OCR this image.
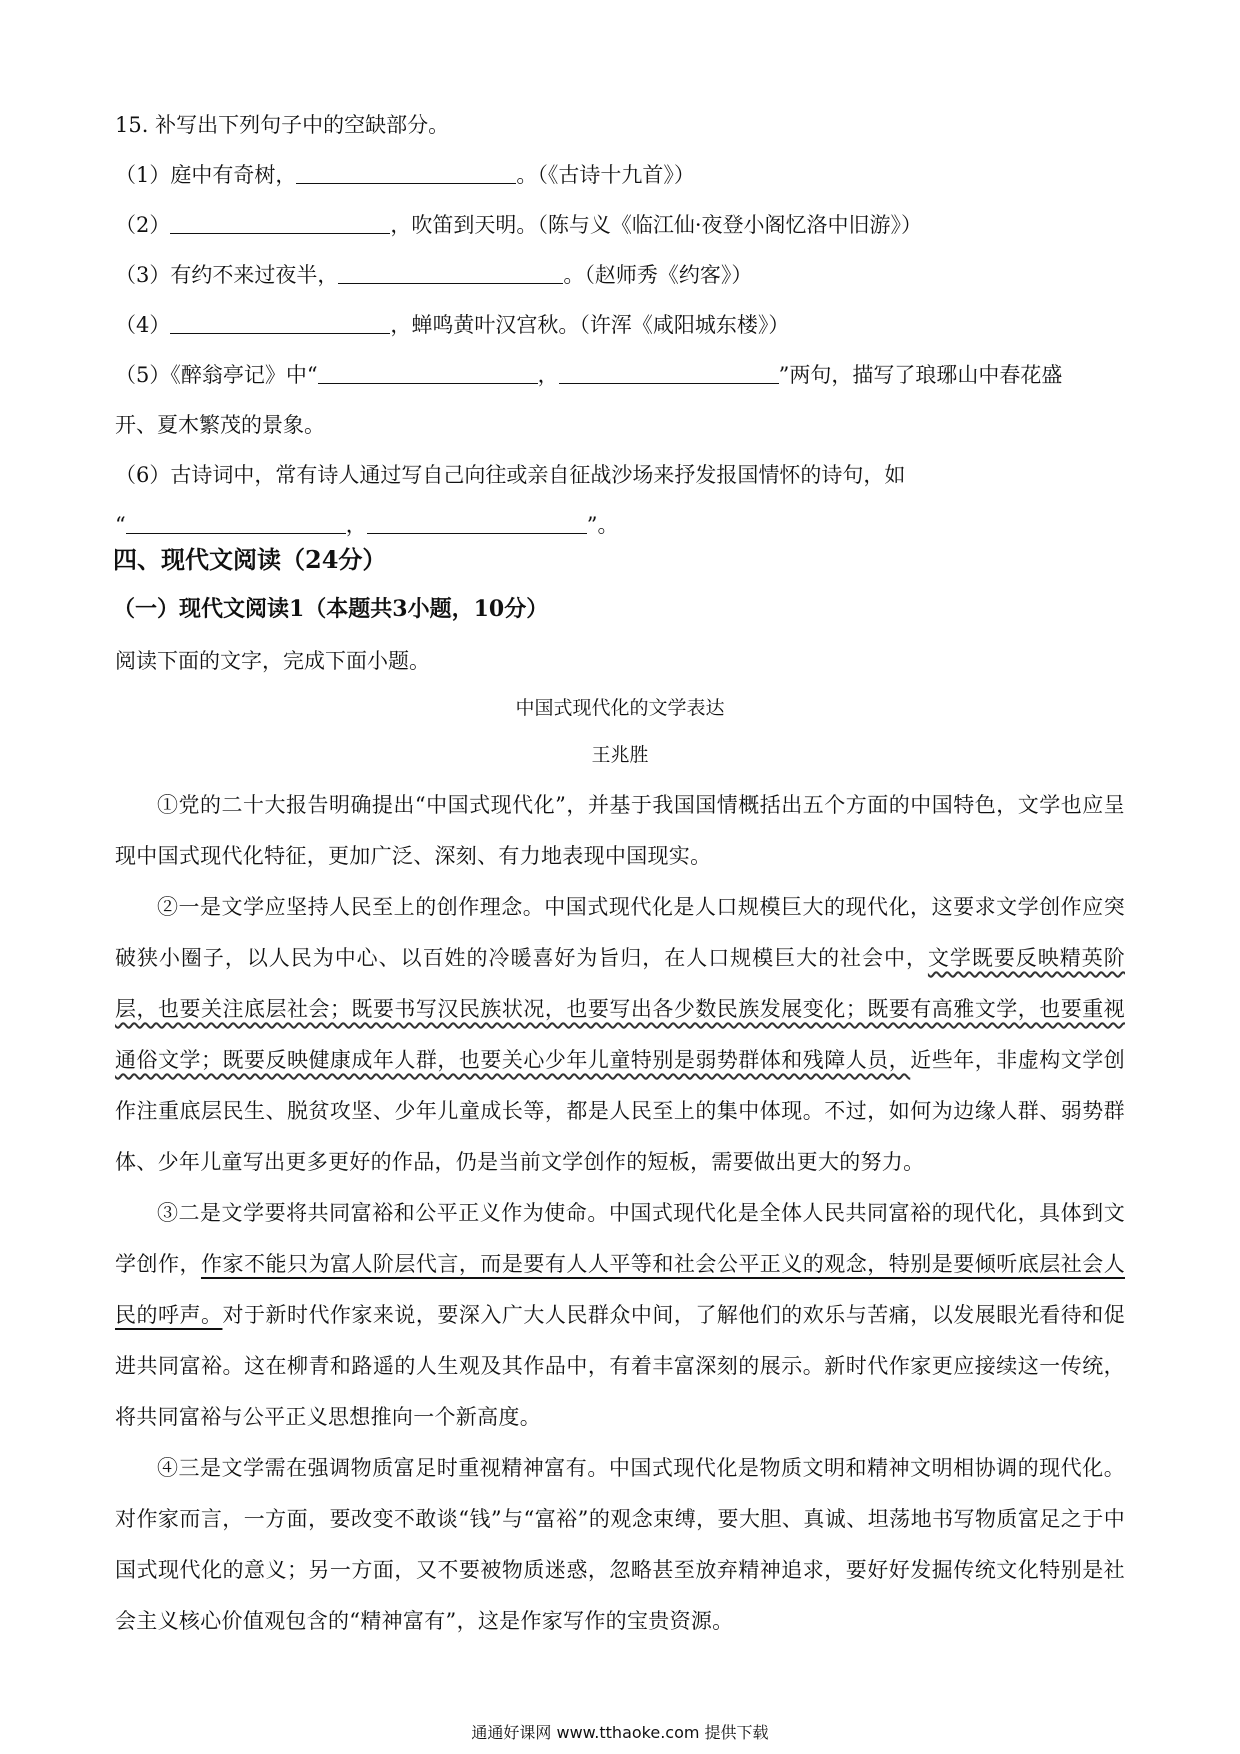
15. 补写出下列句子中的空缺部分。

（1）庭中有奇树，	。（《古诗十九首》）

（2）	，吹笛到天明。（陈与义《临江仙·夜登小阁忆洛中旧游》）

（3）有约不来过夜半，	。（赵师秀《约客》）

（4）	，蝉鸣黄叶汉宫秋。（许浑《咸阳城东楼》）

（5）《醉翁亭记》中“	，	”两句，描写了琅琊山中春花盛

开、夏木繁茂的景象。

（6）古诗词中，常有诗人通过写自己向往或亲自征战沙场来抒发报国情怀的诗句，如

“	，	”。

四、现代文阅读（24分）
（一）现代文阅读1（本题共3小题，10分）

阅读下面的文字，完成下面小题。

中国式现代化的文学表达

王兆胜

①党的二十大报告明确提出“中国式现代化”，并基于我国国情概括出五个方面的中国特色，文学也应呈现中国式现代化特征，更加广泛、深刻、有力地表现中国现实。

②一是文学应坚持人民至上的创作理念。中国式现代化是人口规模巨大的现代化，这要求文学创作应突破狭小圈子，以人民为中心、以百姓的冷暖喜好为旨归，在人口规模巨大的社会中，文学既要反映精英阶层，也要关注底层社会；既要书写汉民族状况，也要写出各少数民族发展变化；既要有高雅文学，也要重视通俗文学；既要反映健康成年人群，也要关心少年儿童特别是弱势群体和残障人员，近些年，非虚构文学创作注重底层民生、脱贫攻坚、少年儿童成长等，都是人民至上的集中体现。不过，如何为边缘人群、弱势群体、少年儿童写出更多更好的作品，仍是当前文学创作的短板，需要做出更大的努力。

③二是文学要将共同富裕和公平正义作为使命。中国式现代化是全体人民共同富裕的现代化，具体到文学创作，作家不能只为富人阶层代言，而是要有人人平等和社会公平正义的观念，特别是要倾听底层社会人民的呼声。对于新时代作家来说，要深入广大人民群众中间，了解他们的欢乐与苦痛，以发展眼光看待和促进共同富裕。这在柳青和路遥的人生观及其作品中，有着丰富深刻的展示。新时代作家更应接续这一传统，将共同富裕与公平正义思想推向一个新高度。

④三是文学需在强调物质富足时重视精神富有。中国式现代化是物质文明和精神文明相协调的现代化。对作家而言，一方面，要改变不敢谈“钱”与“富裕”的观念束缚，要大胆、真诚、坦荡地书写物质富足之于中国式现代化的意义；另一方面，又不要被物质迷惑，忽略甚至放弃精神追求，要好好发掘传统文化特别是社会主义核心价值观包含的“精神富有”，这是作家写作的宝贵资源。

通通好课网 www.tthaoke.com 提供下载
